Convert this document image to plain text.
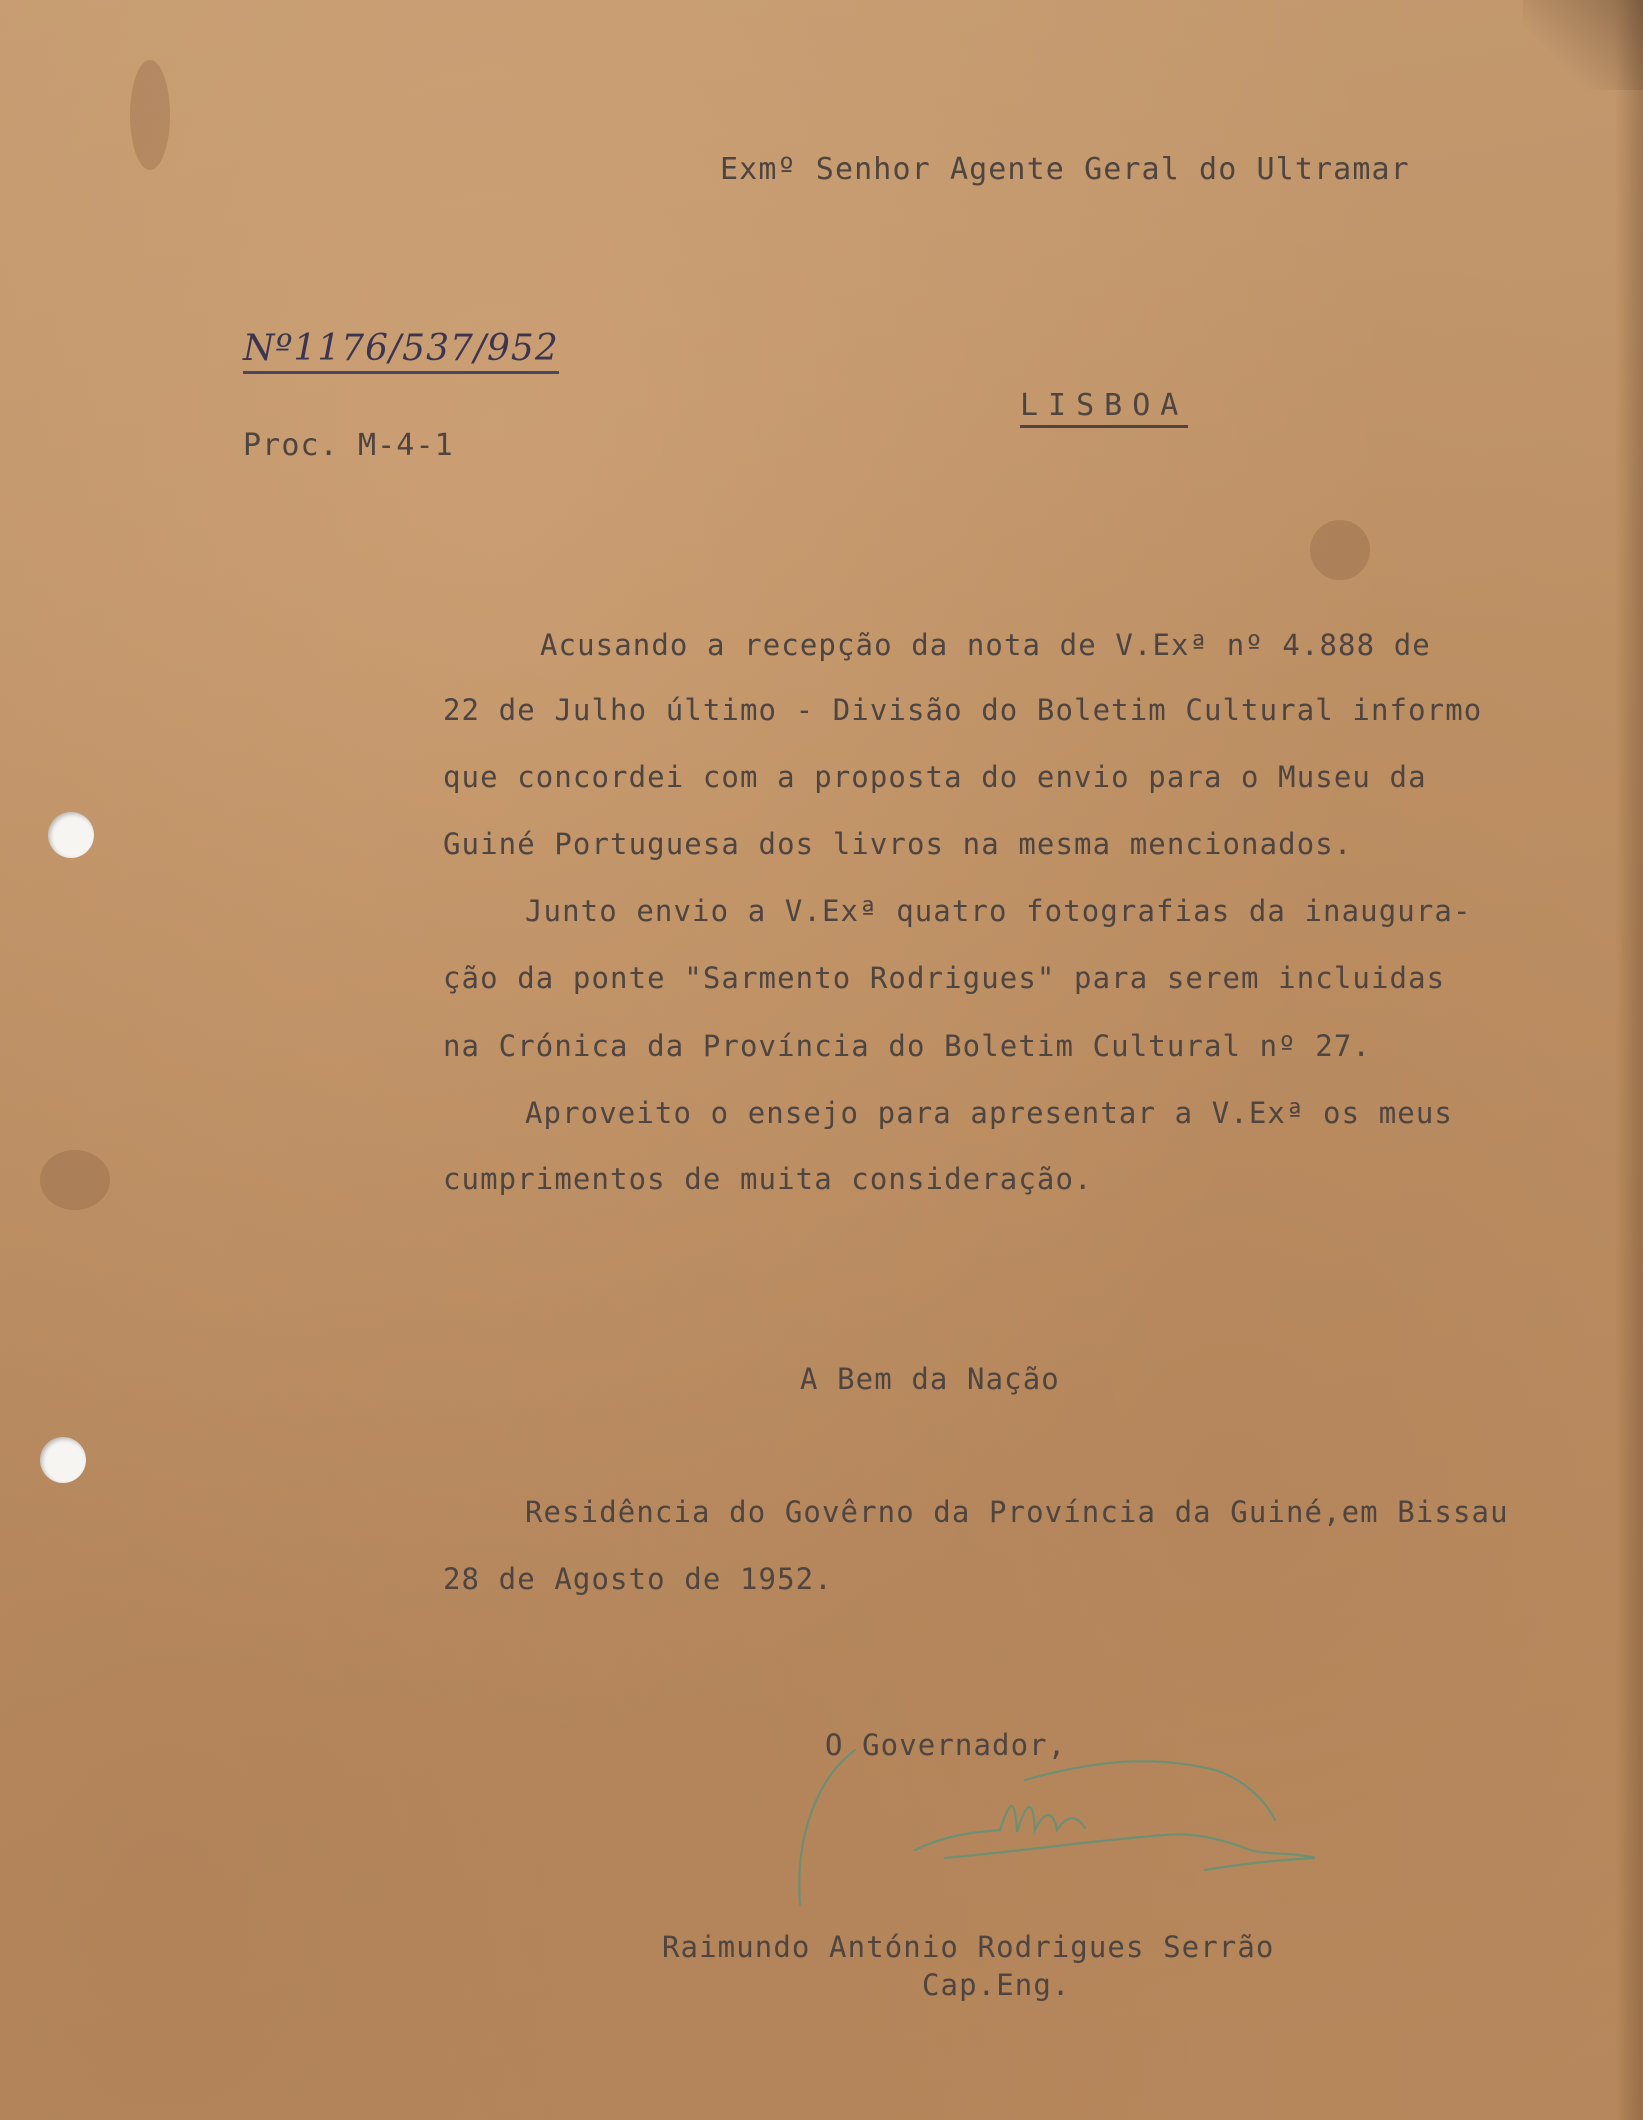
Exmº Senhor Agente Geral do Ultramar
Nº1176/537/952
Proc. M-4-1
LISBOA
Acusando a recepção da nota de V.Exª nº 4.888 de
22 de Julho último - Divisão do Boletim Cultural informo
que concordei com a proposta do envio para o Museu da
Guiné Portuguesa dos livros na mesma mencionados.
Junto envio a V.Exª quatro fotografias da inaugura-
ção da ponte "Sarmento Rodrigues" para serem incluidas
na Crónica da Província do Boletim Cultural nº 27.
Aproveito o ensejo para apresentar a V.Exª os meus
cumprimentos de muita consideração.
A Bem da Nação
Residência do Govêrno da Província da Guiné,em Bissau
28 de Agosto de 1952.
O Governador,
Raimundo António Rodrigues Serrão
Cap.Eng.
